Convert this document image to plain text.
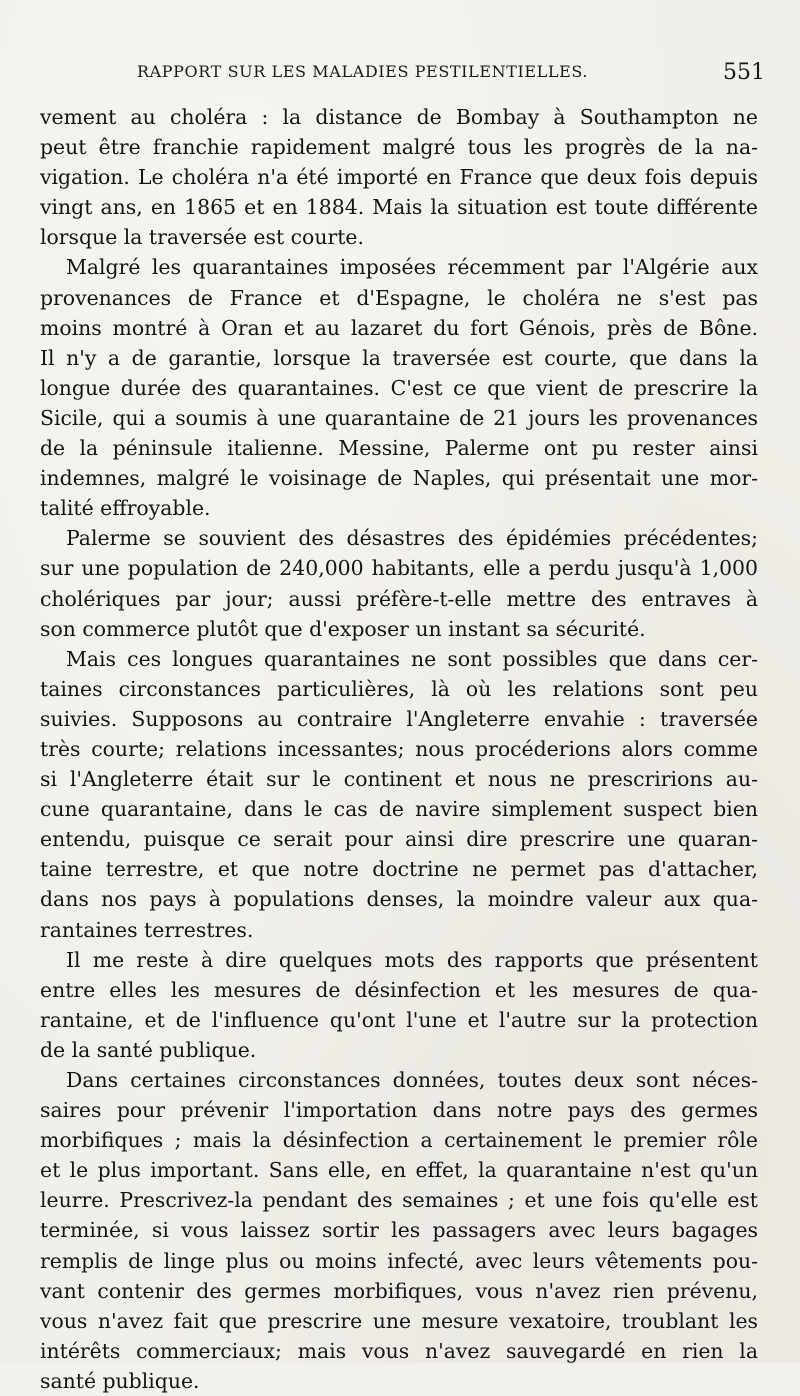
RAPPORT SUR LES MALADIES PESTILENTIELLES.	551
vement au choléra : la distance de Bombay à Southampton ne
peut être franchie rapidement malgré tous les progrès de la na-
vigation. Le choléra n'a été importé en France que deux fois depuis
vingt ans, en 1865 et en 1884. Mais la situation est toute différente
lorsque la traversée est courte.
Malgré les quarantaines imposées récemment par l'Algérie aux
provenances de France et d'Espagne, le choléra ne s'est pas
moins montré à Oran et au lazaret du fort Génois, près de Bône.
Il n'y a de garantie, lorsque la traversée est courte, que dans la
longue durée des quarantaines. C'est ce que vient de prescrire la
Sicile, qui a soumis à une quarantaine de 21 jours les provenances
de la péninsule italienne. Messine, Palerme ont pu rester ainsi
indemnes, malgré le voisinage de Naples, qui présentait une mor-
talité effroyable.
Palerme se souvient des désastres des épidémies précédentes;
sur une population de 240,000 habitants, elle a perdu jusqu'à 1,000
cholériques par jour; aussi préfère-t-elle mettre des entraves à
son commerce plutôt que d'exposer un instant sa sécurité.
Mais ces longues quarantaines ne sont possibles que dans cer-
taines circonstances particulières, là où les relations sont peu
suivies. Supposons au contraire l'Angleterre envahie : traversée
très courte; relations incessantes; nous procéderions alors comme
si l'Angleterre était sur le continent et nous ne prescririons au-
cune quarantaine, dans le cas de navire simplement suspect bien
entendu, puisque ce serait pour ainsi dire prescrire une quaran-
taine terrestre, et que notre doctrine ne permet pas d'attacher,
dans nos pays à populations denses, la moindre valeur aux qua-
rantaines terrestres.
Il me reste à dire quelques mots des rapports que présentent
entre elles les mesures de désinfection et les mesures de qua-
rantaine, et de l'influence qu'ont l'une et l'autre sur la protection
de la santé publique.
Dans certaines circonstances données, toutes deux sont néces-
saires pour prévenir l'importation dans notre pays des germes
morbifiques ; mais la désinfection a certainement le premier rôle
et le plus important. Sans elle, en effet, la quarantaine n'est qu'un
leurre. Prescrivez-la pendant des semaines ; et une fois qu'elle est
terminée, si vous laissez sortir les passagers avec leurs bagages
remplis de linge plus ou moins infecté, avec leurs vêtements pou-
vant contenir des germes morbifiques, vous n'avez rien prévenu,
vous n'avez fait que prescrire une mesure vexatoire, troublant les
intérêts commerciaux; mais vous n'avez sauvegardé en rien la
santé publique.
